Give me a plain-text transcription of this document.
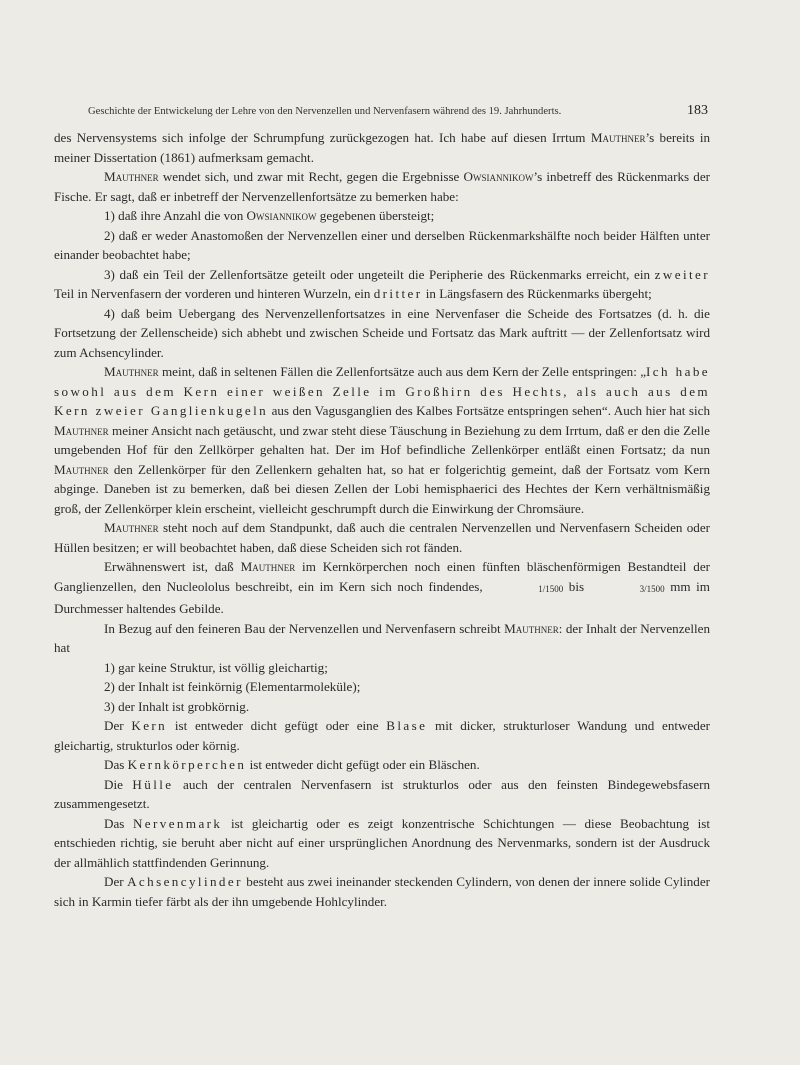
Geschichte der Entwickelung der Lehre von den Nervenzellen und Nervenfasern während des 19. Jahrhunderts.	183

des Nervensystems sich infolge der Schrumpfung zurückgezogen hat. Ich habe auf diesen Irrtum Mauthner’s bereits in meiner Dissertation (1861) aufmerksam gemacht.

Mauthner wendet sich, und zwar mit Recht, gegen die Ergebnisse Owsiannikow’s inbetreff des Rückenmarks der Fische. Er sagt, daß er inbetreff der Nervenzellenfortsätze zu bemerken habe:

1) daß ihre Anzahl die von Owsiannikow gegebenen übersteigt;

2) daß er weder Anastomoßen der Nervenzellen einer und derselben Rückenmarkshälfte noch beider Hälften unter einander beobachtet habe;

3) daß ein Teil der Zellenfortsätze geteilt oder ungeteilt die Peripherie des Rückenmarks erreicht, ein zweiter Teil in Nervenfasern der vorderen und hinteren Wurzeln, ein dritter in Längsfasern des Rückenmarks übergeht;

4) daß beim Uebergang des Nervenzellenfortsatzes in eine Nervenfaser die Scheide des Fortsatzes (d. h. die Fortsetzung der Zellenscheide) sich abhebt und zwischen Scheide und Fortsatz das Mark auftritt — der Zellenfortsatz wird zum Achsencylinder.

Mauthner meint, daß in seltenen Fällen die Zellenfortsätze auch aus dem Kern der Zelle entspringen: „Ich habe sowohl aus dem Kern einer weißen Zelle im Großhirn des Hechts, als auch aus dem Kern zweier Ganglienkugeln aus den Vagusganglien des Kalbes Fortsätze entspringen sehen“. Auch hier hat sich Mauthner meiner Ansicht nach getäuscht, und zwar steht diese Täuschung in Beziehung zu dem Irrtum, daß er den die Zelle umgebenden Hof für den Zellkörper gehalten hat. Der im Hof befindliche Zellenkörper entläßt einen Fortsatz; da nun Mauthner den Zellenkörper für den Zellenkern gehalten hat, so hat er folgerichtig gemeint, daß der Fortsatz vom Kern abginge. Daneben ist zu bemerken, daß bei diesen Zellen der Lobi hemisphaerici des Hechtes der Kern verhältnismäßig groß, der Zellenkörper klein erscheint, vielleicht geschrumpft durch die Einwirkung der Chromsäure.

Mauthner steht noch auf dem Standpunkt, daß auch die centralen Nervenzellen und Nervenfasern Scheiden oder Hüllen besitzen; er will beobachtet haben, daß diese Scheiden sich rot fänden.

Erwähnenswert ist, daß Mauthner im Kernkörperchen noch einen fünften bläschenförmigen Bestandteil der Ganglienzellen, den Nucleololus beschreibt, ein im Kern sich noch findendes,	1/1500 bis	3/1500 mm im Durchmesser haltendes Gebilde.

In Bezug auf den feineren Bau der Nervenzellen und Nervenfasern schreibt Mauthner: der Inhalt der Nervenzellen hat

1) gar keine Struktur, ist völlig gleichartig;

2) der Inhalt ist feinkörnig (Elementarmoleküle);

3) der Inhalt ist grobkörnig.

Der Kern ist entweder dicht gefügt oder eine Blase mit dicker, strukturloser Wandung und entweder gleichartig, strukturlos oder körnig.

Das Kernkörperchen ist entweder dicht gefügt oder ein Bläschen.

Die Hülle auch der centralen Nervenfasern ist strukturlos oder aus den feinsten Bindegewebsfasern zusammengesetzt.

Das Nervenmark ist gleichartig oder es zeigt konzentrische Schichtungen — diese Beobachtung ist entschieden richtig, sie beruht aber nicht auf einer ursprünglichen Anordnung des Nervenmarks, sondern ist der Ausdruck der allmählich stattfindenden Gerinnung.

Der Achsencylinder besteht aus zwei ineinander steckenden Cylindern, von denen der innere solide Cylinder sich in Karmin tiefer färbt als der ihn umgebende Hohlcylinder.
